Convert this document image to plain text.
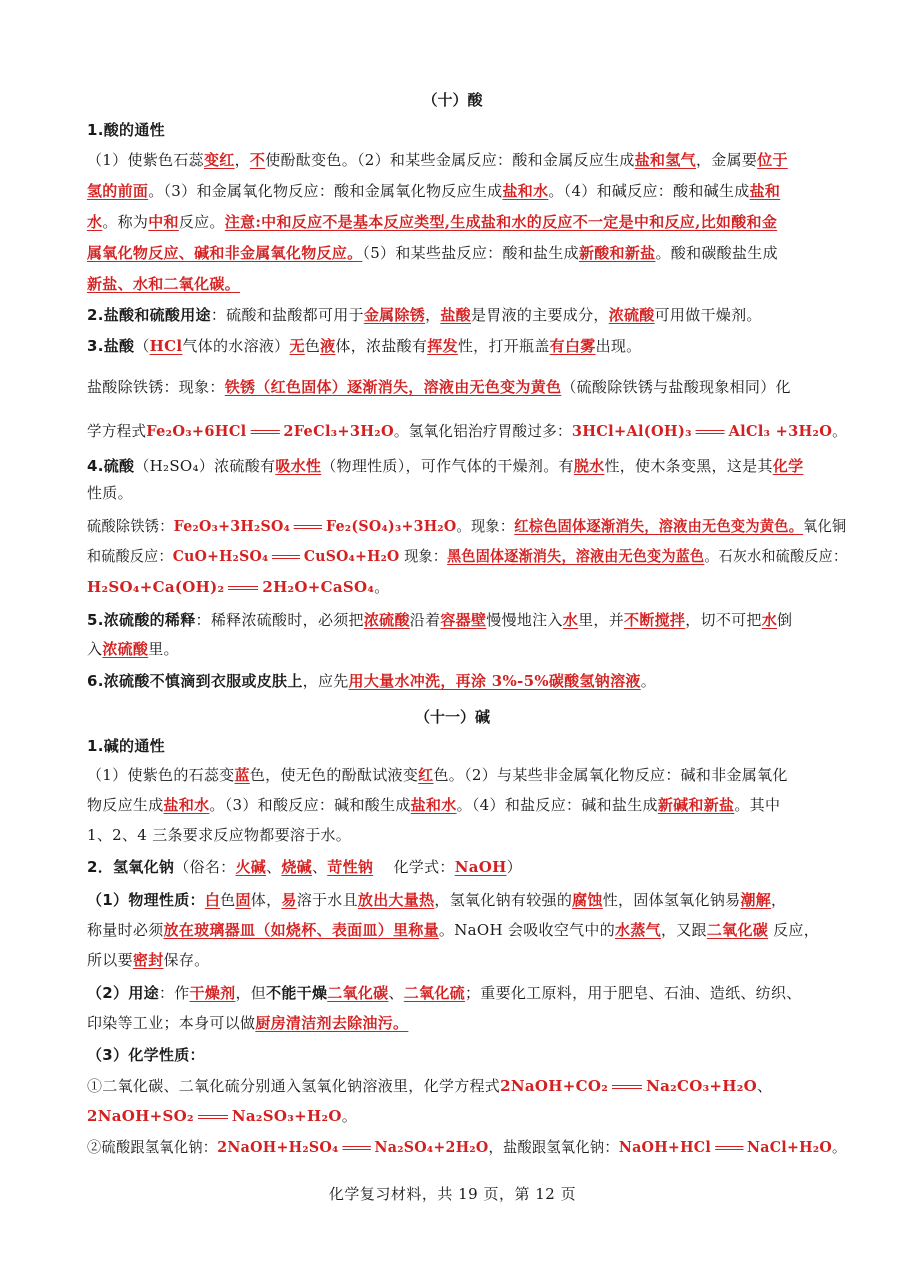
（十）酸
1.酸的通性
（1）使紫色石蕊变红，不使酚酞变色。（2）和某些金属反应：酸和金属反应生成盐和氢气，金属要位于
氢的前面。（3）和金属氧化物反应：酸和金属氧化物反应生成盐和水。（4）和碱反应：酸和碱生成盐和
水。称为中和反应。注意:中和反应不是基本反应类型,生成盐和水的反应不一定是中和反应,比如酸和金
属氧化物反应、碱和非金属氧化物反应。（5）和某些盐反应：酸和盐生成新酸和新盐。酸和碳酸盐生成
新盐、水和二氧化碳。
2.盐酸和硫酸用途：硫酸和盐酸都可用于金属除锈，盐酸是胃液的主要成分，浓硫酸可用做干燥剂。
3.盐酸（HCl气体的水溶液）无色液体，浓盐酸有挥发性，打开瓶盖有白雾出现。
盐酸除铁锈：现象：铁锈（红色固体）逐渐消失，溶液由无色变为黄色（硫酸除铁锈与盐酸现象相同）化
学方程式Fe₂O₃+6HCl 2FeCl₃+3H₂O。氢氧化铝治疗胃酸过多：3HCl+Al(OH)₃ AlCl₃ +3H₂O。
4.硫酸（H₂SO₄）浓硫酸有吸水性（物理性质），可作气体的干燥剂。有脱水性，使木条变黑，这是其化学
性质。
硫酸除铁锈：Fe₂O₃+3H₂SO₄ Fe₂(SO₄)₃+3H₂O。现象：红棕色固体逐渐消失，溶液由无色变为黄色。氧化铜
和硫酸反应：CuO+H₂SO₄ CuSO₄+H₂O 现象：黑色固体逐渐消失，溶液由无色变为蓝色。石灰水和硫酸反应：
H₂SO₄+Ca(OH)₂	2H₂O+CaSO₄。
5.浓硫酸的稀释：稀释浓硫酸时，必须把浓硫酸沿着容器壁慢慢地注入水里，并不断搅拌，切不可把水倒
入浓硫酸里。
6.浓硫酸不慎滴到衣服或皮肤上，应先用大量水冲洗，再涂 3%-5%碳酸氢钠溶液。
（十一）碱
1.碱的通性
（1）使紫色的石蕊变蓝色，使无色的酚酞试液变红色。（2）与某些非金属氧化物反应：碱和非金属氧化
物反应生成盐和水。（3）和酸反应：碱和酸生成盐和水。（4）和盐反应：碱和盐生成新碱和新盐。其中
1、2、4 三条要求反应物都要溶于水。
2．氢氧化钠（俗名：火碱、烧碱、苛性钠    化学式：NaOH）
（1）物理性质：白色固体，易溶于水且放出大量热，氢氧化钠有较强的腐蚀性，固体氢氧化钠易潮解，
称量时必须放在玻璃器皿（如烧杯、表面皿）里称量。NaOH 会吸收空气中的水蒸气，又跟二氧化碳 反应，
所以要密封保存。
（2）用途：作干燥剂，但不能干燥二氧化碳、二氧化硫；重要化工原料，用于肥皂、石油、造纸、纺织、
印染等工业；本身可以做厨房清洁剂去除油污。
（3）化学性质：
①二氧化碳、二氧化硫分别通入氢氧化钠溶液里，化学方程式2NaOH+CO₂	Na₂CO₃+H₂O、
2NaOH+SO₂	Na₂SO₃+H₂O。
②硫酸跟氢氧化钠：2NaOH+H₂SO₄ Na₂SO₄+2H₂O，盐酸跟氢氧化钠：NaOH+HCl NaCl+H₂O。
化学复习材料，共 19 页，第 12 页
